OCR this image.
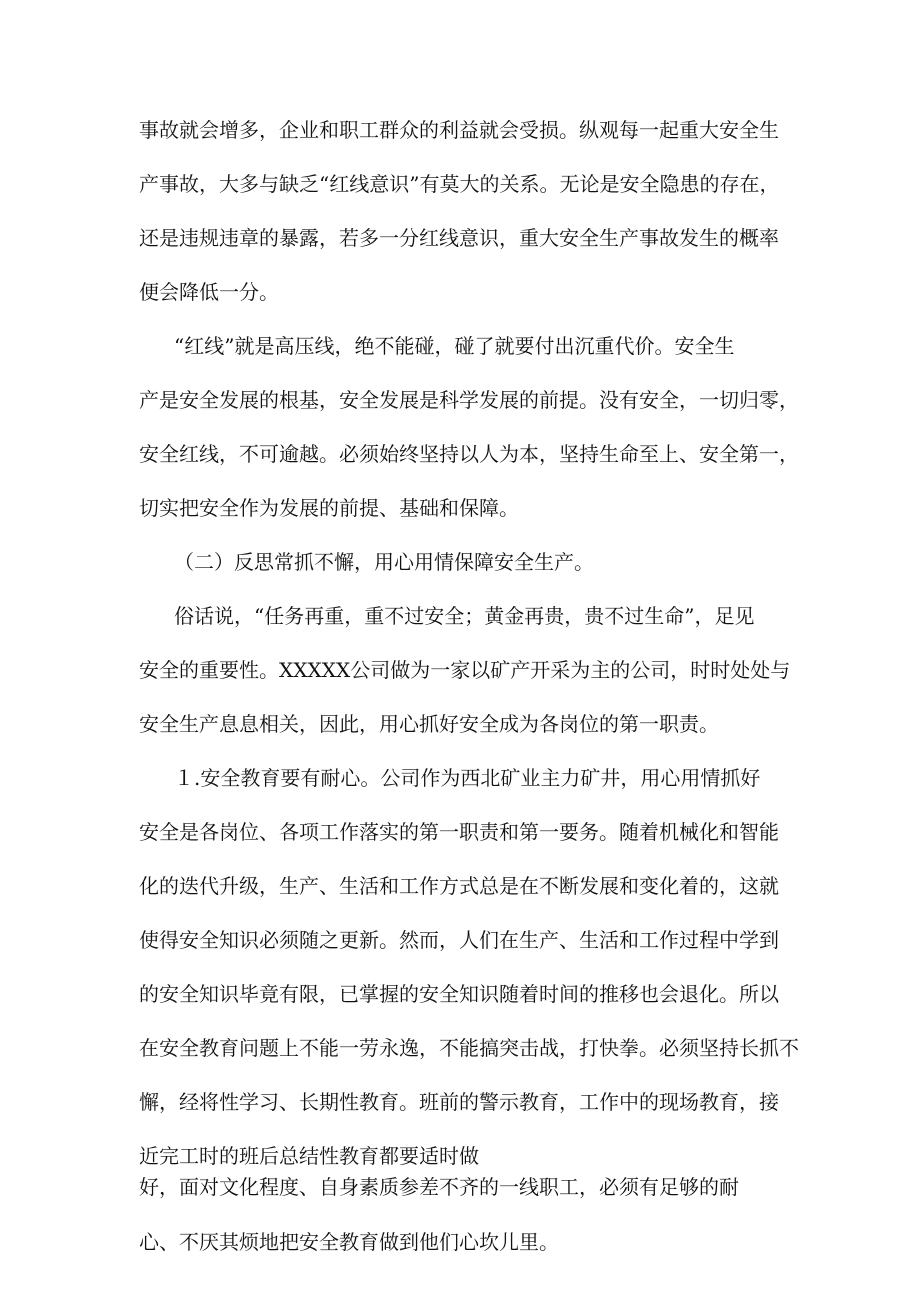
事故就会增多，企业和职工群众的利益就会受损。纵观每一起重大安全生
产事故，大多与缺乏“红线意识”有莫大的关系。无论是安全隐患的存在，
还是违规违章的暴露，若多一分红线意识，重大安全生产事故发生的概率
便会降低一分。
“红线”就是高压线，绝不能碰，碰了就要付出沉重代价。安全生
产是安全发展的根基，安全发展是科学发展的前提。没有安全，一切归零，
安全红线，不可逾越。必须始终坚持以人为本，坚持生命至上、安全第一，
切实把安全作为发展的前提、基础和保障。
（二）反思常抓不懈，用心用情保障安全生产。
俗话说，“任务再重，重不过安全；黄金再贵，贵不过生命”，足见
安全的重要性。XXXXX公司做为一家以矿产开采为主的公司，时时处处与
安全生产息息相关，因此，用心抓好安全成为各岗位的第一职责。
１.安全教育要有耐心。公司作为西北矿业主力矿井，用心用情抓好
安全是各岗位、各项工作落实的第一职责和第一要务。随着机械化和智能
化的迭代升级，生产、生活和工作方式总是在不断发展和变化着的，这就
使得安全知识必须随之更新。然而，人们在生产、生活和工作过程中学到
的安全知识毕竟有限，已掌握的安全知识随着时间的推移也会退化。所以
在安全教育问题上不能一劳永逸，不能搞突击战，打快拳。必须坚持长抓不
懈，经将性学习、长期性教育。班前的警示教育，工作中的现场教育，接
近完工时的班后总结性教育都要适时做
好，面对文化程度、自身素质参差不齐的一线职工，必须有足够的耐
心、不厌其烦地把安全教育做到他们心坎儿里。
